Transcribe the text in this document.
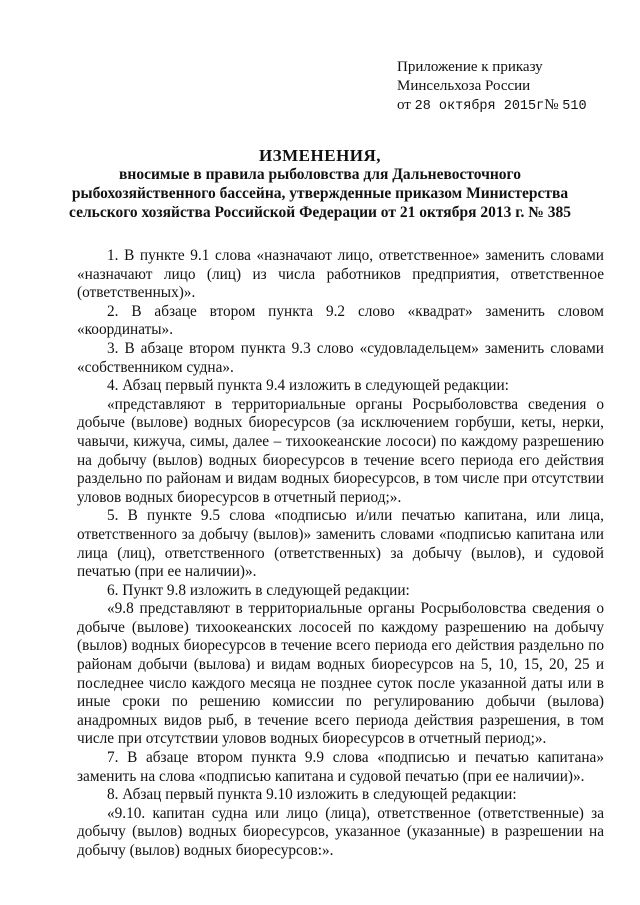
Приложение к приказу
Минсельхоза России
от 28 октября 2015г№ 510
ИЗМЕНЕНИЯ,
вносимые в правила рыболовства для Дальневосточного
рыбохозяйственного бассейна, утвержденные приказом Министерства
сельского хозяйства Российской Федерации от 21 октября 2013 г. № 385

1. В пункте 9.1 слова «назначают лицо, ответственное» заменить словами «назначают лицо (лиц) из числа работников предприятия, ответственное (ответственных)».

2. В абзаце втором пункта 9.2 слово «квадрат» заменить словом «координаты».

3. В абзаце втором пункта 9.3 слово «судовладельцем» заменить словами «собственником судна».

4. Абзац первый пункта 9.4 изложить в следующей редакции:

«представляют в территориальные органы Росрыболовства сведения о добыче (вылове) водных биоресурсов (за исключением горбуши, кеты, нерки, чавычи, кижуча, симы, далее – тихоокеанские лососи) по каждому разрешению на добычу (вылов) водных биоресурсов в течение всего периода его действия раздельно по районам и видам водных биоресурсов, в том числе при отсутствии уловов водных биоресурсов в отчетный период;».

5. В пункте 9.5 слова «подписью и/или печатью капитана, или лица, ответственного за добычу (вылов)» заменить словами «подписью капитана или лица (лиц), ответственного (ответственных) за добычу (вылов), и судовой печатью (при ее наличии)».

6. Пункт 9.8 изложить в следующей редакции:

«9.8 представляют в территориальные органы Росрыболовства сведения о добыче (вылове) тихоокеанских лососей по каждому разрешению на добычу (вылов) водных биоресурсов в течение всего периода его действия раздельно по районам добычи (вылова) и видам водных биоресурсов на 5, 10, 15, 20, 25 и последнее число каждого месяца не позднее суток после указанной даты или в иные сроки по решению комиссии по регулированию добычи (вылова) анадромных видов рыб, в течение всего периода действия разрешения, в том числе при отсутствии уловов водных биоресурсов в отчетный период;».

7. В абзаце втором пункта 9.9 слова «подписью и печатью капитана» заменить на слова «подписью капитана и судовой печатью (при ее наличии)».

8. Абзац первый пункта 9.10 изложить в следующей редакции:

«9.10. капитан судна или лицо (лица), ответственное (ответственные) за добычу (вылов) водных биоресурсов, указанное (указанные) в разрешении на добычу (вылов) водных биоресурсов:».
